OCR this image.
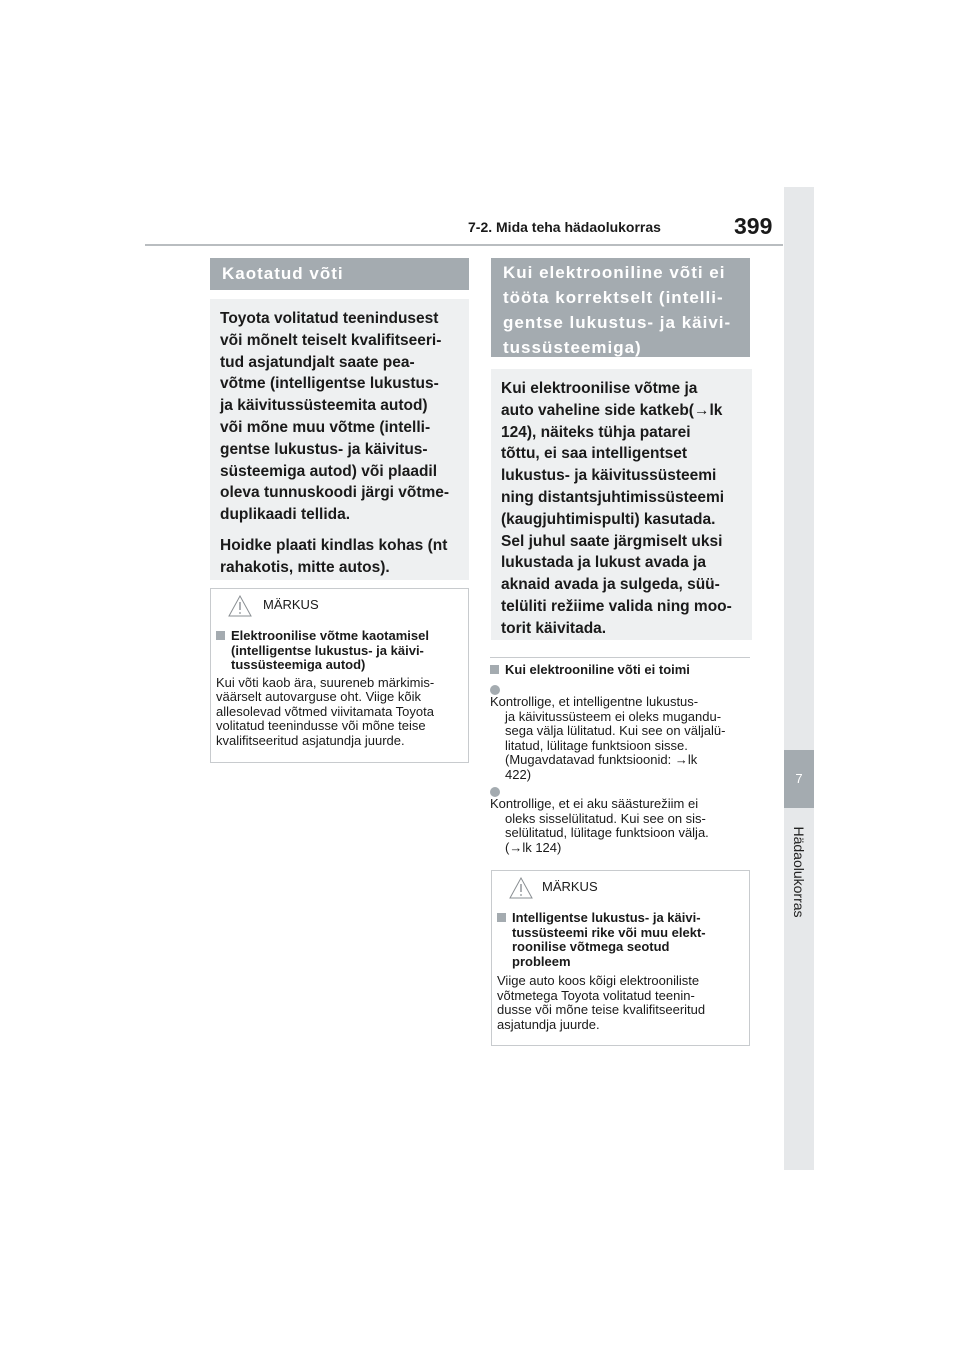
7-2. Mida teha hädaolukorras	399
7
Hädaolukorras
Kaotatud võti

Toyota volitatud teenindusest
või mõnelt teiselt kvalifitseeri-
tud asjatundjalt saate pea-
võtme (intelligentse lukustus-
ja käivitussüsteemita autod)
või mõne muu võtme (intelli-
gentse lukustus- ja käivitus-
süsteemiga autod) või plaadil
oleva tunnuskoodi järgi võtme-
duplikaadi tellida.

Hoidke plaati kindlas kohas (nt
rahakotis, mitte autos).

MÄRKUS
Elektroonilise võtme kaotamisel
(intelligentse lukustus- ja käivi-
tussüsteemiga autod)
Kui võti kaob ära, suureneb märkimis-
väärselt autovarguse oht. Viige kõik
allesolevad võtmed viivitamata Toyota
volitatud teenindusse või mõne teise
kvalifitseeritud asjatundja juurde.
Kui elektrooniline võti ei
tööta korrektselt (intelli-
gentse lukustus- ja käivi-
tussüsteemiga)

Kui elektroonilise võtme ja
auto vaheline side katkeb(→lk
124), näiteks tühja patarei
tõttu, ei saa intelligentset
lukustus- ja käivitussüsteemi
ning distantsjuhtimissüsteemi
(kaugjuhtimispulti) kasutada.
Sel juhul saate järgmiselt uksi
lukustada ja lukust avada ja
aknaid avada ja sulgeda, süü-
telüliti režiime valida ning moo-
torit käivitada.

Kui elektrooniline võti ei toimi
Kontrollige, et intelligentne lukustus-
ja käivitussüsteem ei oleks mugandu-
sega välja lülitatud. Kui see on väljalü-
litatud, lülitage funktsioon sisse.
(Mugavdatavad funktsioonid: →lk
422)
Kontrollige, et ei aku säästurežiim ei
oleks sisselülitatud. Kui see on sis-
selülitatud, lülitage funktsioon välja.
(→lk 124)
MÄRKUS
Intelligentse lukustus- ja käivi-
tussüsteemi rike või muu elekt-
roonilise võtmega seotud
probleem
Viige auto koos kõigi elektrooniliste
võtmetega Toyota volitatud teenin-
dusse või mõne teise kvalifitseeritud
asjatundja juurde.
